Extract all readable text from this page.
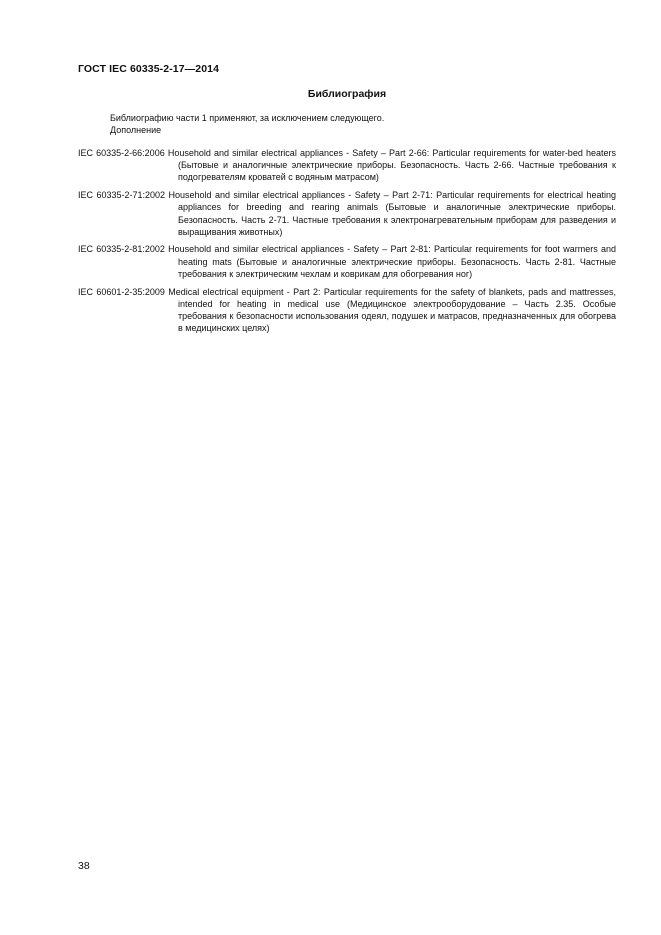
ГОСТ IEC 60335-2-17—2014
Библиография
Библиографию части 1 применяют, за исключением следующего.
Дополнение
IEC 60335-2-66:2006 Household and similar electrical appliances - Safety – Part 2-66: Particular requirements for water-bed heaters (Бытовые и аналогичные электрические приборы. Безопасность. Часть 2-66. Частные требования к подогревателям кроватей с водяным матрасом)
IEC 60335-2-71:2002 Household and similar electrical appliances - Safety – Part 2-71: Particular requirements for electrical heating appliances for breeding and rearing animals (Бытовые и аналогичные электрические приборы. Безопасность. Часть 2-71. Частные требования к электронагревательным приборам для разведения и выращивания животных)
IEC 60335-2-81:2002 Household and similar electrical appliances - Safety – Part 2-81: Particular requirements for foot warmers and heating mats (Бытовые и аналогичные электрические приборы. Безопасность. Часть 2-81. Частные требования к электрическим чехлам и коврикам для обогревания ног)
IEC 60601-2-35:2009 Medical electrical equipment - Part 2: Particular requirements for the safety of blankets, pads and mattresses, intended for heating in medical use (Медицинское электрооборудование – Часть 2.35. Особые требования к безопасности использования одеял, подушек и матрасов, предназначенных для обогрева в медицинских целях)
38
